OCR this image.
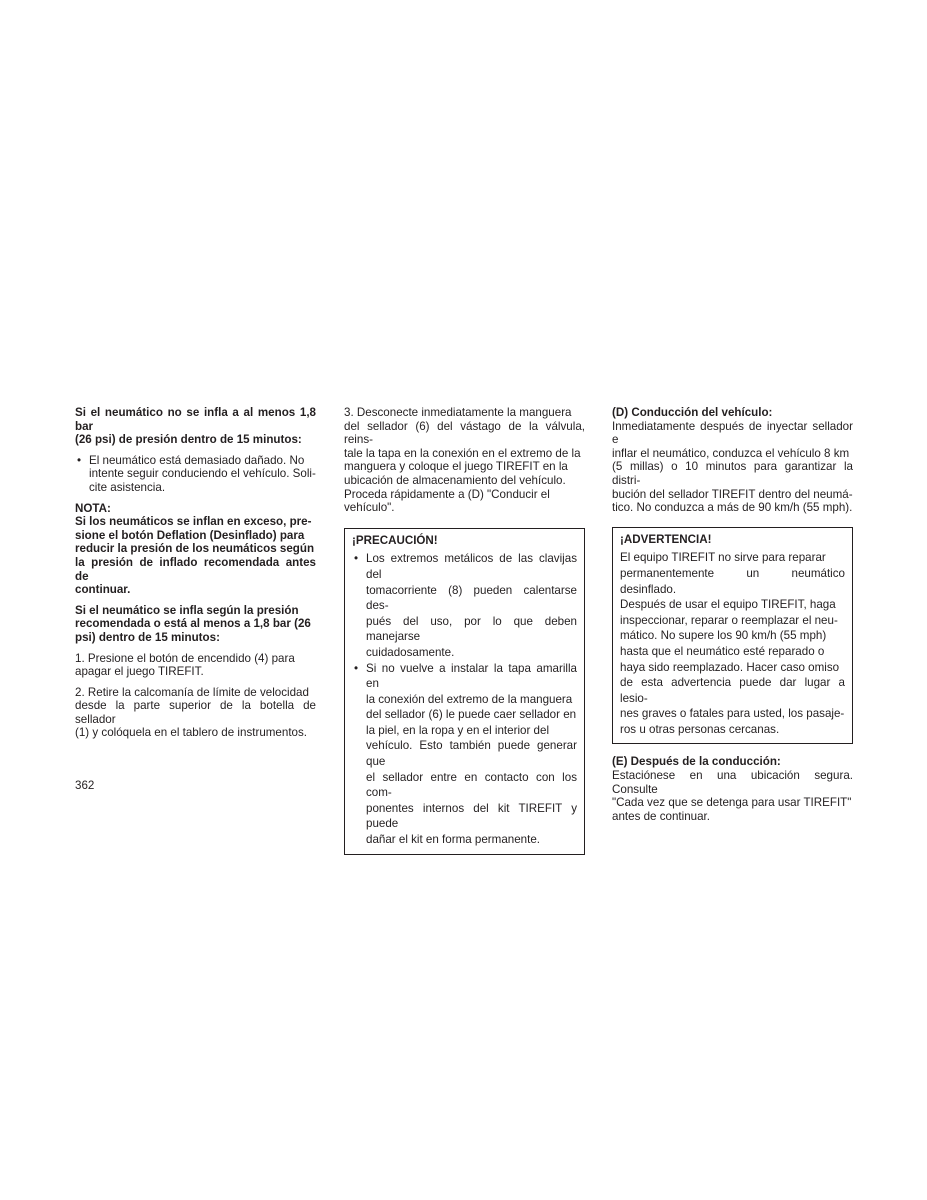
Si el neumático no se infla a al menos 1,8 bar
(26 psi) de presión dentro de 15 minutos:

• El neumático está demasiado dañado. No
intente seguir conduciendo el vehículo. Soli-
cite asistencia.

NOTA:

Si los neumáticos se inflan en exceso, pre-
sione el botón Deflation (Desinflado) para
reducir la presión de los neumáticos según
la presión de inflado recomendada antes de
continuar.

Si el neumático se infla según la presión
recomendada o está al menos a 1,8 bar (26
psi) dentro de 15 minutos:

1. Presione el botón de encendido (4) para
apagar el juego TIREFIT.

2. Retire la calcomanía de límite de velocidad
desde la parte superior de la botella de sellador
(1) y colóquela en el tablero de instrumentos.

3. Desconecte inmediatamente la manguera
del sellador (6) del vástago de la válvula, reins-
tale la tapa en la conexión en el extremo de la
manguera y coloque el juego TIREFIT en la
ubicación de almacenamiento del vehículo.
Proceda rápidamente a (D) "Conducir el
vehículo".

¡PRECAUCIÓN!

• Los extremos metálicos de las clavijas del
tomacorriente (8) pueden calentarse des-
pués del uso, por lo que deben manejarse
cuidadosamente.
• Si no vuelve a instalar la tapa amarilla en
la conexión del extremo de la manguera
del sellador (6) le puede caer sellador en
la piel, en la ropa y en el interior del
vehículo. Esto también puede generar que
el sellador entre en contacto con los com-
ponentes internos del kit TIREFIT y puede
dañar el kit en forma permanente.

(D) Conducción del vehículo:

Inmediatamente después de inyectar sellador e
inflar el neumático, conduzca el vehículo 8 km
(5 millas) o 10 minutos para garantizar la distri-
bución del sellador TIREFIT dentro del neumá-
tico. No conduzca a más de 90 km/h (55 mph).

¡ADVERTENCIA!

El equipo TIREFIT no sirve para reparar
permanentemente un neumático desinflado.
Después de usar el equipo TIREFIT, haga
inspeccionar, reparar o reemplazar el neu-
mático. No supere los 90 km/h (55 mph)
hasta que el neumático esté reparado o
haya sido reemplazado. Hacer caso omiso
de esta advertencia puede dar lugar a lesio-
nes graves o fatales para usted, los pasaje-
ros u otras personas cercanas.

(E) Después de la conducción:

Estaciónese en una ubicación segura. Consulte
"Cada vez que se detenga para usar TIREFIT"
antes de continuar.

362
